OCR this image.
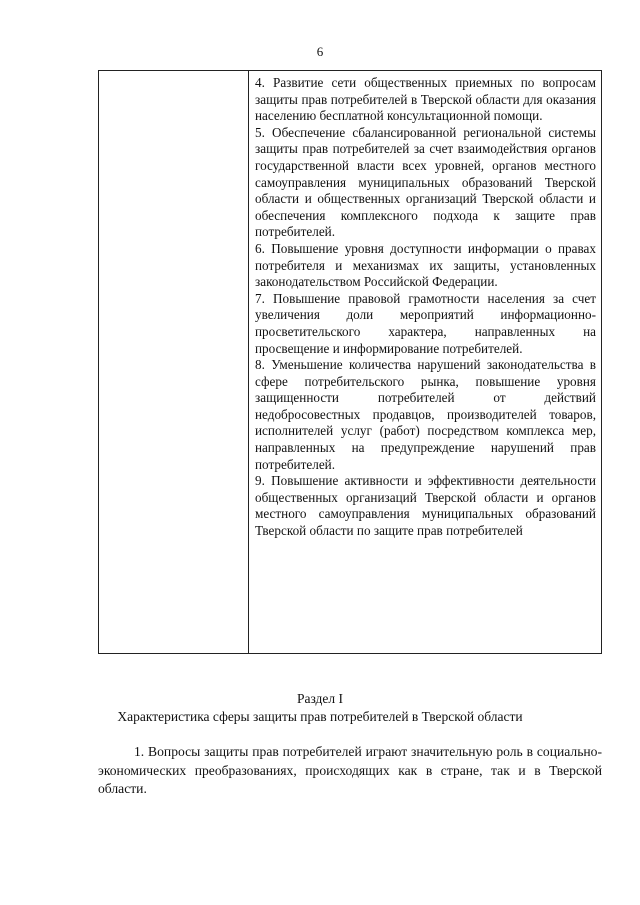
6

4. Развитие сети общественных приемных по вопросам защиты прав потребителей в Тверской области для оказания населению бесплатной консультационной помощи.

5. Обеспечение сбалансированной региональной системы защиты прав потребителей за счет взаимодействия органов государственной власти всех уровней, органов местного самоуправления муниципальных образований Тверской области и общественных организаций Тверской области и обеспечения комплексного подхода к защите прав потребителей.

6. Повышение уровня доступности информации о правах потребителя и механизмах их защиты, установленных законодательством Российской Федерации.

7. Повышение правовой грамотности населения за счет увеличения доли мероприятий информационно-просветительского характера, направленных на просвещение и информирование потребителей.

8. Уменьшение количества нарушений законодательства в сфере потребительского рынка, повышение уровня защищенности потребителей от действий недобросовестных продавцов, производителей товаров, исполнителей услуг (работ) посредством комплекса мер, направленных на предупреждение нарушений прав потребителей.

9. Повышение активности и эффективности деятельности общественных организаций Тверской области и органов местного самоуправления муниципальных образований Тверской области по защите прав потребителей

Раздел I
Характеристика сферы защиты прав потребителей в Тверской области

1. Вопросы защиты прав потребителей играют значительную роль в социально-экономических преобразованиях, происходящих как в стране, так и в Тверской области.
